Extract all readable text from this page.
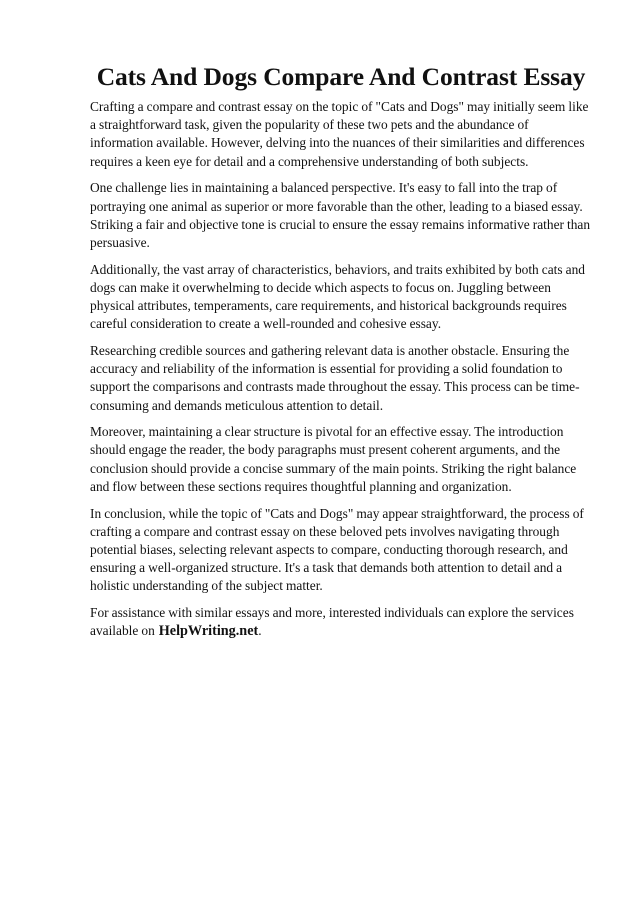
Cats And Dogs Compare And Contrast Essay

Crafting a compare and contrast essay on the topic of "Cats and Dogs" may initially seem like a straightforward task, given the popularity of these two pets and the abundance of information available. However, delving into the nuances of their similarities and differences requires a keen eye for detail and a comprehensive understanding of both subjects.

One challenge lies in maintaining a balanced perspective. It's easy to fall into the trap of portraying one animal as superior or more favorable than the other, leading to a biased essay. Striking a fair and objective tone is crucial to ensure the essay remains informative rather than persuasive.

Additionally, the vast array of characteristics, behaviors, and traits exhibited by both cats and dogs can make it overwhelming to decide which aspects to focus on. Juggling between physical attributes, temperaments, care requirements, and historical backgrounds requires careful consideration to create a well-rounded and cohesive essay.

Researching credible sources and gathering relevant data is another obstacle. Ensuring the accuracy and reliability of the information is essential for providing a solid foundation to support the comparisons and contrasts made throughout the essay. This process can be time-consuming and demands meticulous attention to detail.

Moreover, maintaining a clear structure is pivotal for an effective essay. The introduction should engage the reader, the body paragraphs must present coherent arguments, and the conclusion should provide a concise summary of the main points. Striking the right balance and flow between these sections requires thoughtful planning and organization.

In conclusion, while the topic of "Cats and Dogs" may appear straightforward, the process of crafting a compare and contrast essay on these beloved pets involves navigating through potential biases, selecting relevant aspects to compare, conducting thorough research, and ensuring a well-organized structure. It's a task that demands both attention to detail and a holistic understanding of the subject matter.

For assistance with similar essays and more, interested individuals can explore the services available on HelpWriting.net.
